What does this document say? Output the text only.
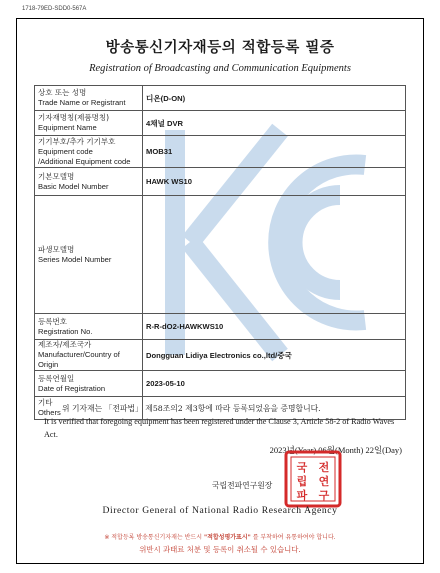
1718-79ED-SDD0-567A
방송통신기자재등의 적합등록 필증
Registration of Broadcasting and Communication Equipments
상호 또는 성명
Trade Name or Registrant	디온(D-ON)

기자재명칭(제품명칭)
Equipment Name	4채널 DVR

기기부호/추가 기기부호
Equipment code
/Additional Equipment code	MOB31

기본모델명
Basic Model Number	HAWK WS10

파생모델명
Series Model Number	

등록번호
Registration No.	R-R-dO2-HAWKWS10

제조자/제조국가
Manufacturer/Country of Origin	Dongguan Lidiya Electronics co.,ltd/중국

등록연월일
Date of Registration	2023-05-10

기타
Others	
	위 기자재는 「전파법」 제58조의2 제3항에 따라 등록되었음을 증명합니다.
It is verified that foregoing equipment has been registered under the Clause 3, Article 58-2 of Radio Waves Act.
2023년(Year) 06월(Month) 22일(Day)
국립전파연구원장
국 전
립 연
파 구
Director General of National Radio Research Agency
※ 적합등록 방송통신기자재는 반드시 "적합성평가표시" 를 부착하여 유통하여야 합니다.
위반시 과태료 처분 및 등록이 취소될 수 있습니다.
